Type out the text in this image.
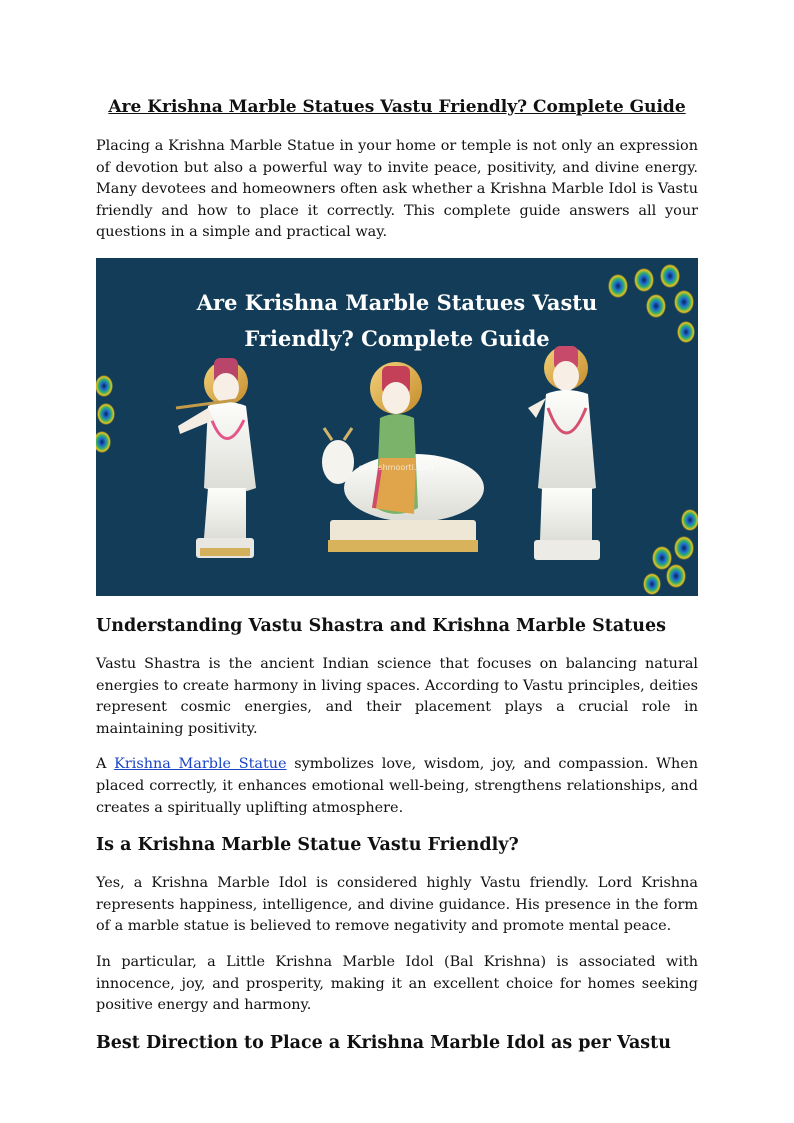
Are Krishna Marble Statues Vastu Friendly? Complete Guide

Placing a Krishna Marble Statue in your home or temple is not only an expression of devotion but also a powerful way to invite peace, positivity, and divine energy. Many devotees and homeowners often ask whether a Krishna Marble Idol is Vastu friendly and how to place it correctly. This complete guide answers all your questions in a simple and practical way.

ganeshmoorti.com
Are Krishna Marble Statues Vastu
Friendly? Complete Guide
Understanding Vastu Shastra and Krishna Marble Statues

Vastu Shastra is the ancient Indian science that focuses on balancing natural energies to create harmony in living spaces. According to Vastu principles, deities represent cosmic energies, and their placement plays a crucial role in maintaining positivity.

A Krishna Marble Statue symbolizes love, wisdom, joy, and compassion. When placed correctly, it enhances emotional well-being, strengthens relationships, and creates a spiritually uplifting atmosphere.

Is a Krishna Marble Statue Vastu Friendly?

Yes, a Krishna Marble Idol is considered highly Vastu friendly. Lord Krishna represents happiness, intelligence, and divine guidance. His presence in the form of a marble statue is believed to remove negativity and promote mental peace.

In particular, a Little Krishna Marble Idol (Bal Krishna) is associated with innocence, joy, and prosperity, making it an excellent choice for homes seeking positive energy and harmony.

Best Direction to Place a Krishna Marble Idol as per Vastu
